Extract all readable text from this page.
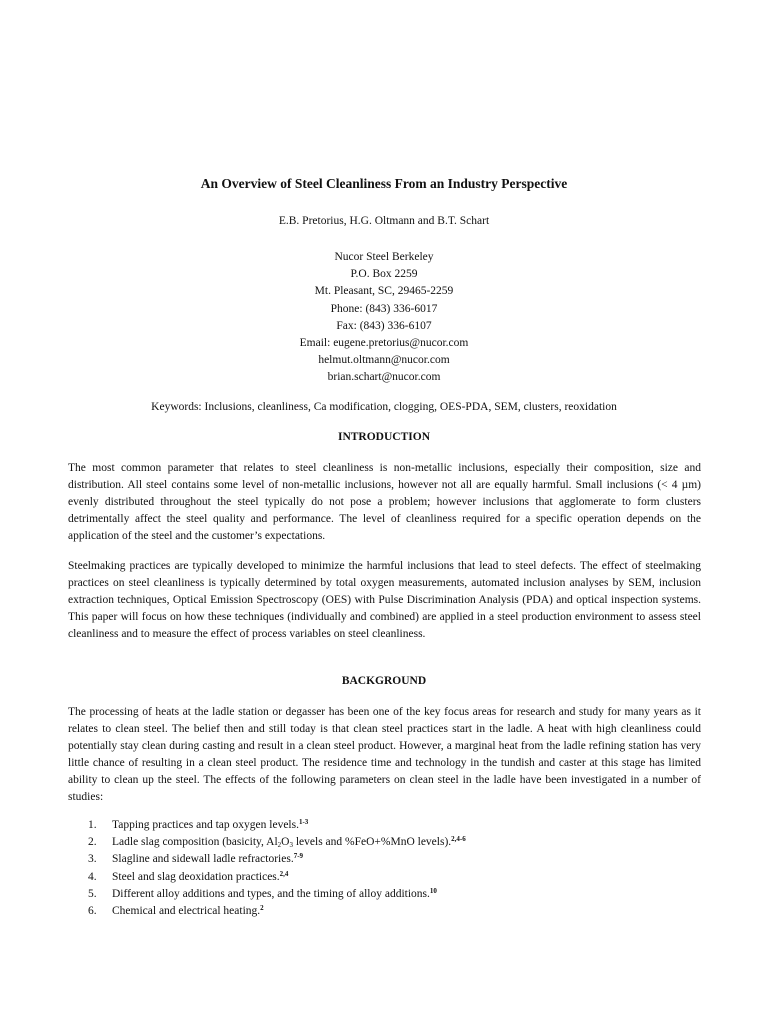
An Overview of Steel Cleanliness From an Industry Perspective
E.B. Pretorius, H.G. Oltmann and B.T. Schart
Nucor Steel Berkeley
P.O. Box 2259
Mt. Pleasant, SC, 29465-2259
Phone: (843) 336-6017
Fax: (843) 336-6107
Email: eugene.pretorius@nucor.com
helmut.oltmann@nucor.com
brian.schart@nucor.com
Keywords: Inclusions, cleanliness, Ca modification, clogging, OES-PDA, SEM, clusters, reoxidation
INTRODUCTION

The most common parameter that relates to steel cleanliness is non-metallic inclusions, especially their composition, size and distribution. All steel contains some level of non-metallic inclusions, however not all are equally harmful. Small inclusions (< 4 µm) evenly distributed throughout the steel typically do not pose a problem; however inclusions that agglomerate to form clusters detrimentally affect the steel quality and performance. The level of cleanliness required for a specific operation depends on the application of the steel and the customer’s expectations.

Steelmaking practices are typically developed to minimize the harmful inclusions that lead to steel defects. The effect of steelmaking practices on steel cleanliness is typically determined by total oxygen measurements, automated inclusion analyses by SEM, inclusion extraction techniques, Optical Emission Spectroscopy (OES) with Pulse Discrimination Analysis (PDA) and optical inspection systems. This paper will focus on how these techniques (individually and combined) are applied in a steel production environment to assess steel cleanliness and to measure the effect of process variables on steel cleanliness.

BACKGROUND

The processing of heats at the ladle station or degasser has been one of the key focus areas for research and study for many years as it relates to clean steel. The belief then and still today is that clean steel practices start in the ladle. A heat with high cleanliness could potentially stay clean during casting and result in a clean steel product. However, a marginal heat from the ladle refining station has very little chance of resulting in a clean steel product. The residence time and technology in the tundish and caster at this stage has limited ability to clean up the steel. The effects of the following parameters on clean steel in the ladle have been investigated in a number of studies:

1.	Tapping practices and tap oxygen levels.$^{1-3}$
2.	Ladle slag composition (basicity, $Al_2O_3$ levels and %FeO+%MnO levels).$^{2,4-6}$
3.	Slagline and sidewall ladle refractories.$^{7-9}$
4.	Steel and slag deoxidation practices.$^{2,4}$
5.	Different alloy additions and types, and the timing of alloy additions.$^{10}$
6.	Chemical and electrical heating.$^2$
